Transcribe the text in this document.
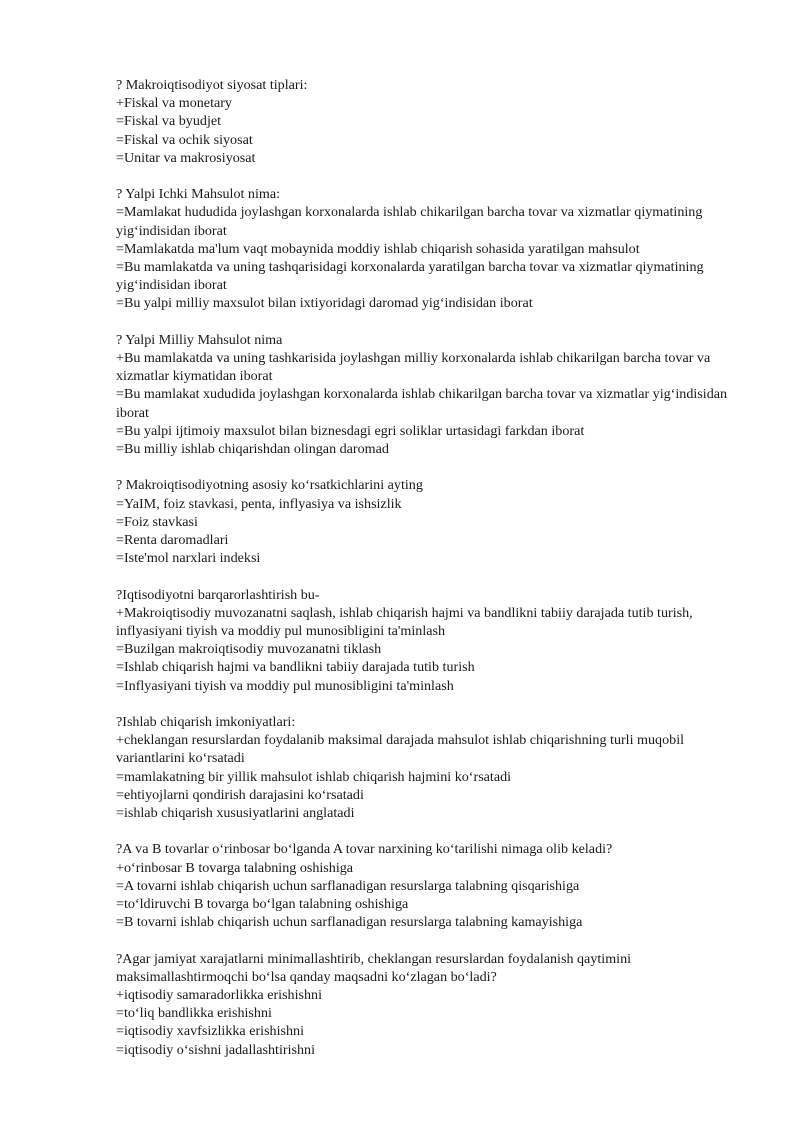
? Makroiqtisodiyot siyosat tiplari:
+Fiskal va monetary
=Fiskal va byudjet
=Fiskal va ochik siyosat
=Unitar va makrosiyosat
? Yalpi Ichki Mahsulot nima:
=Mamlakat hududida joylashgan korxonalarda ishlab chikarilgan barcha tovar va xizmatlar qiymatining yig‘indisidan iborat
=Mamlakatda ma'lum vaqt mobaynida moddiy ishlab chiqarish sohasida yaratilgan mahsulot
=Bu mamlakatda va uning tashqarisidagi korxonalarda yaratilgan barcha tovar va xizmatlar qiymatining yig‘indisidan iborat
=Bu yalpi milliy maxsulot bilan ixtiyoridagi daromad yig‘indisidan iborat
? Yalpi Milliy Mahsulot nima
+Bu mamlakatda va uning tashkarisida joylashgan milliy korxonalarda ishlab chikarilgan barcha tovar va xizmatlar kiymatidan iborat
=Bu mamlakat xududida joylashgan korxonalarda ishlab chikarilgan barcha tovar va xizmatlar yig‘indisidan iborat
=Bu yalpi ijtimoiy maxsulot bilan biznesdagi egri soliklar urtasidagi farkdan iborat
=Bu milliy ishlab chiqarishdan olingan daromad
? Makroiqtisodiyotning asosiy ko‘rsatkichlarini ayting
=YaIM, foiz stavkasi, penta, inflyasiya va ishsizlik
=Foiz stavkasi
=Renta daromadlari
=Iste'mol narxlari indeksi
?Iqtisodiyotni barqarorlashtirish bu-
+Makroiqtisodiy muvozanatni saqlash, ishlab chiqarish hajmi va bandlikni tabiiy darajada tutib turish, inflyasiyani tiyish va moddiy pul munosibligini ta'minlash
=Buzilgan makroiqtisodiy muvozanatni tiklash
=Ishlab chiqarish hajmi va bandlikni tabiiy darajada tutib turish
=Inflyasiyani tiyish va moddiy pul munosibligini ta'minlash
?Ishlab chiqarish imkoniyatlari:
+cheklangan resurslardan foydalanib maksimal darajada mahsulot ishlab chiqarishning turli muqobil variantlarini ko‘rsatadi
=mamlakatning bir yillik mahsulot ishlab chiqarish hajmini ko‘rsatadi
=ehtiyojlarni qondirish darajasini ko‘rsatadi
=ishlab chiqarish xususiyatlarini anglatadi
?A va B tovarlar o‘rinbosar bo‘lganda A tovar narxining ko‘tarilishi nimaga olib keladi?
+o‘rinbosar B tovarga talabning oshishiga
=A tovarni ishlab chiqarish uchun sarflanadigan resurslarga talabning qisqarishiga
=to‘ldiruvchi B tovarga bo‘lgan talabning oshishiga
=B tovarni ishlab chiqarish uchun sarflanadigan resurslarga talabning kamayishiga
?Agar jamiyat xarajatlarni minimallashtirib, cheklangan resurslardan foydalanish qaytimini maksimallashtirmoqchi bo‘lsa qanday maqsadni ko‘zlagan bo‘ladi?
+iqtisodiy samaradorlikka erishishni
=to‘liq bandlikka erishishni
=iqtisodiy xavfsizlikka erishishni
=iqtisodiy o‘sishni jadallashtirishni
